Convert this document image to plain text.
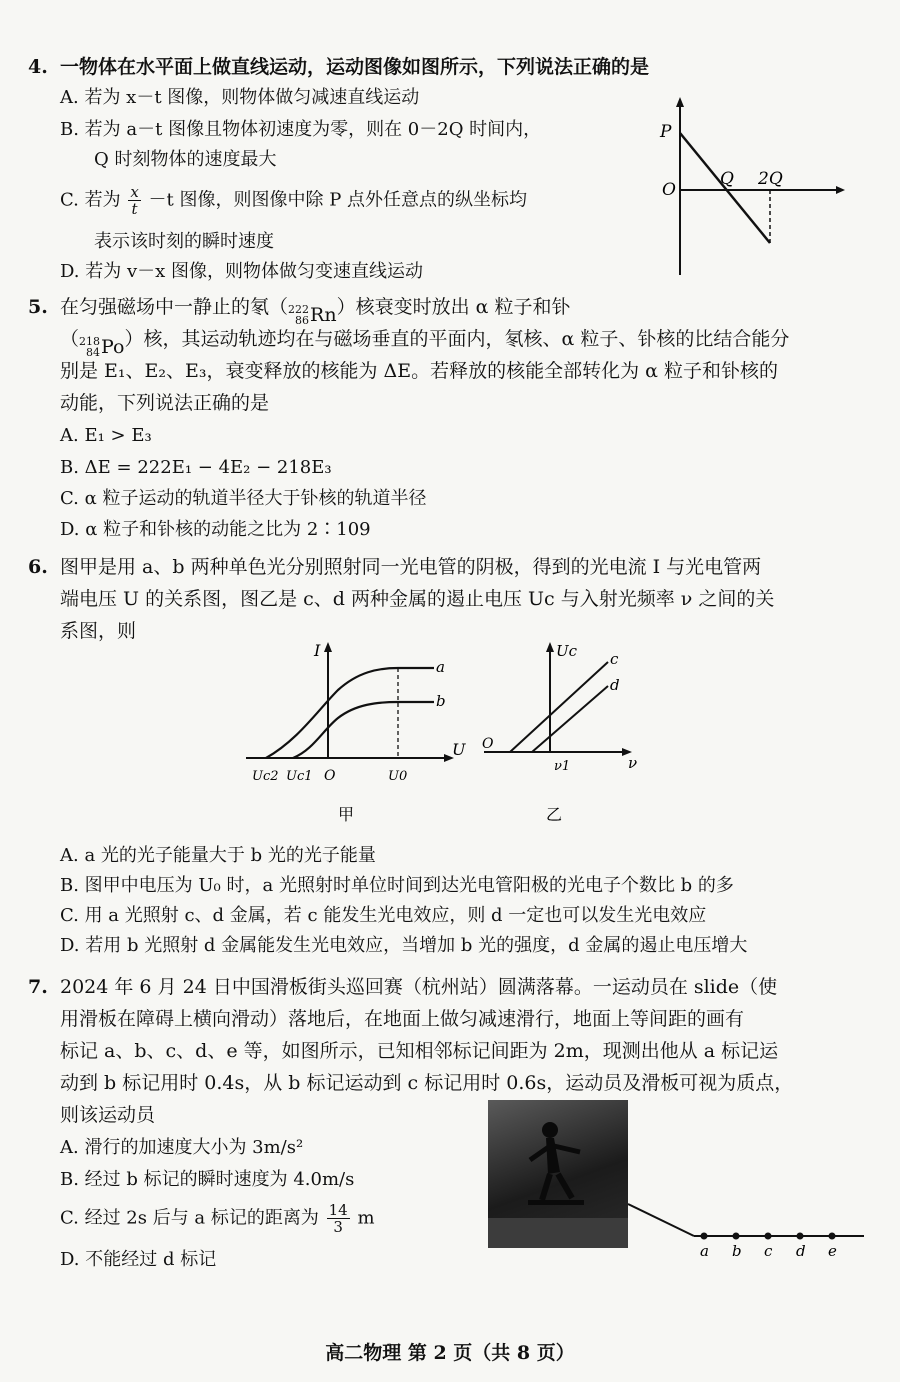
4. 一物体在水平面上做直线运动，运动图像如图所示，下列说法正确的是
A. 若为 x－t 图像，则物体做匀减速直线运动
B. 若为 a－t 图像且物体初速度为零，则在 0－2Q 时间内，
Q 时刻物体的速度最大
C. 若为 $\frac{x}{t} -t$ 图像，则图像中除 P 点外任意点的纵坐标均
表示该时刻的瞬时速度
D. 若为 v－x 图像，则物体做匀变速直线运动
P
O
Q 2Q
5. 在匀强磁场中一静止的氡（ 222
86 Rn ）核衰变时放出 α 粒子和钋
（ 218
84 Po ）核，其运动轨迹均在与磁场垂直的平面内，氡核、α 粒子、钋核的比结合能分
别是 E₁、E₂、E₃，衰变释放的核能为 ΔE。若释放的核能全部转化为 α 粒子和钋核的
动能，下列说法正确的是
A. E₁ > E₃
B. ΔE = 222E₁ − 4E₂ − 218E₃
C. α 粒子运动的轨道半径大于钋核的轨道半径
D. α 粒子和钋核的动能之比为 2∶109
6. 图甲是用 a、b 两种单色光分别照射同一光电管的阴极，得到的光电流 I 与光电管两
端电压 U 的关系图，图乙是 c、d 两种金属的遏止电压 Uc 与入射光频率 ν 之间的关
系图，则
I
U
a
b
Uc2 Uc1 O	U0
甲
Uc c
d
O
ν1	ν
乙
A. a 光的光子能量大于 b 光的光子能量
B. 图甲中电压为 U₀ 时，a 光照射时单位时间到达光电管阳极的光电子个数比 b 的多
C. 用 a 光照射 c、d 金属，若 c 能发生光电效应，则 d 一定也可以发生光电效应
D. 若用 b 光照射 d 金属能发生光电效应，当增加 b 光的强度，d 金属的遏止电压增大
7. 2024 年 6 月 24 日中国滑板街头巡回赛（杭州站）圆满落幕。一运动员在 slide（使
用滑板在障碍上横向滑动）落地后，在地面上做匀减速滑行，地面上等间距的画有
标记 a、b、c、d、e 等，如图所示，已知相邻标记间距为 2m，现测出他从 a 标记运
动到 b 标记用时 0.4s，从 b 标记运动到 c 标记用时 0.6s，运动员及滑板可视为质点，
则该运动员
A. 滑行的加速度大小为 3m/s²
B. 经过 b 标记的瞬时速度为 4.0m/s
C. 经过 2s 后与 a 标记的距离为 $\frac{14}{3}$ m
D. 不能经过 d 标记	a b c d e
高二物理 第 2 页（共 8 页）
